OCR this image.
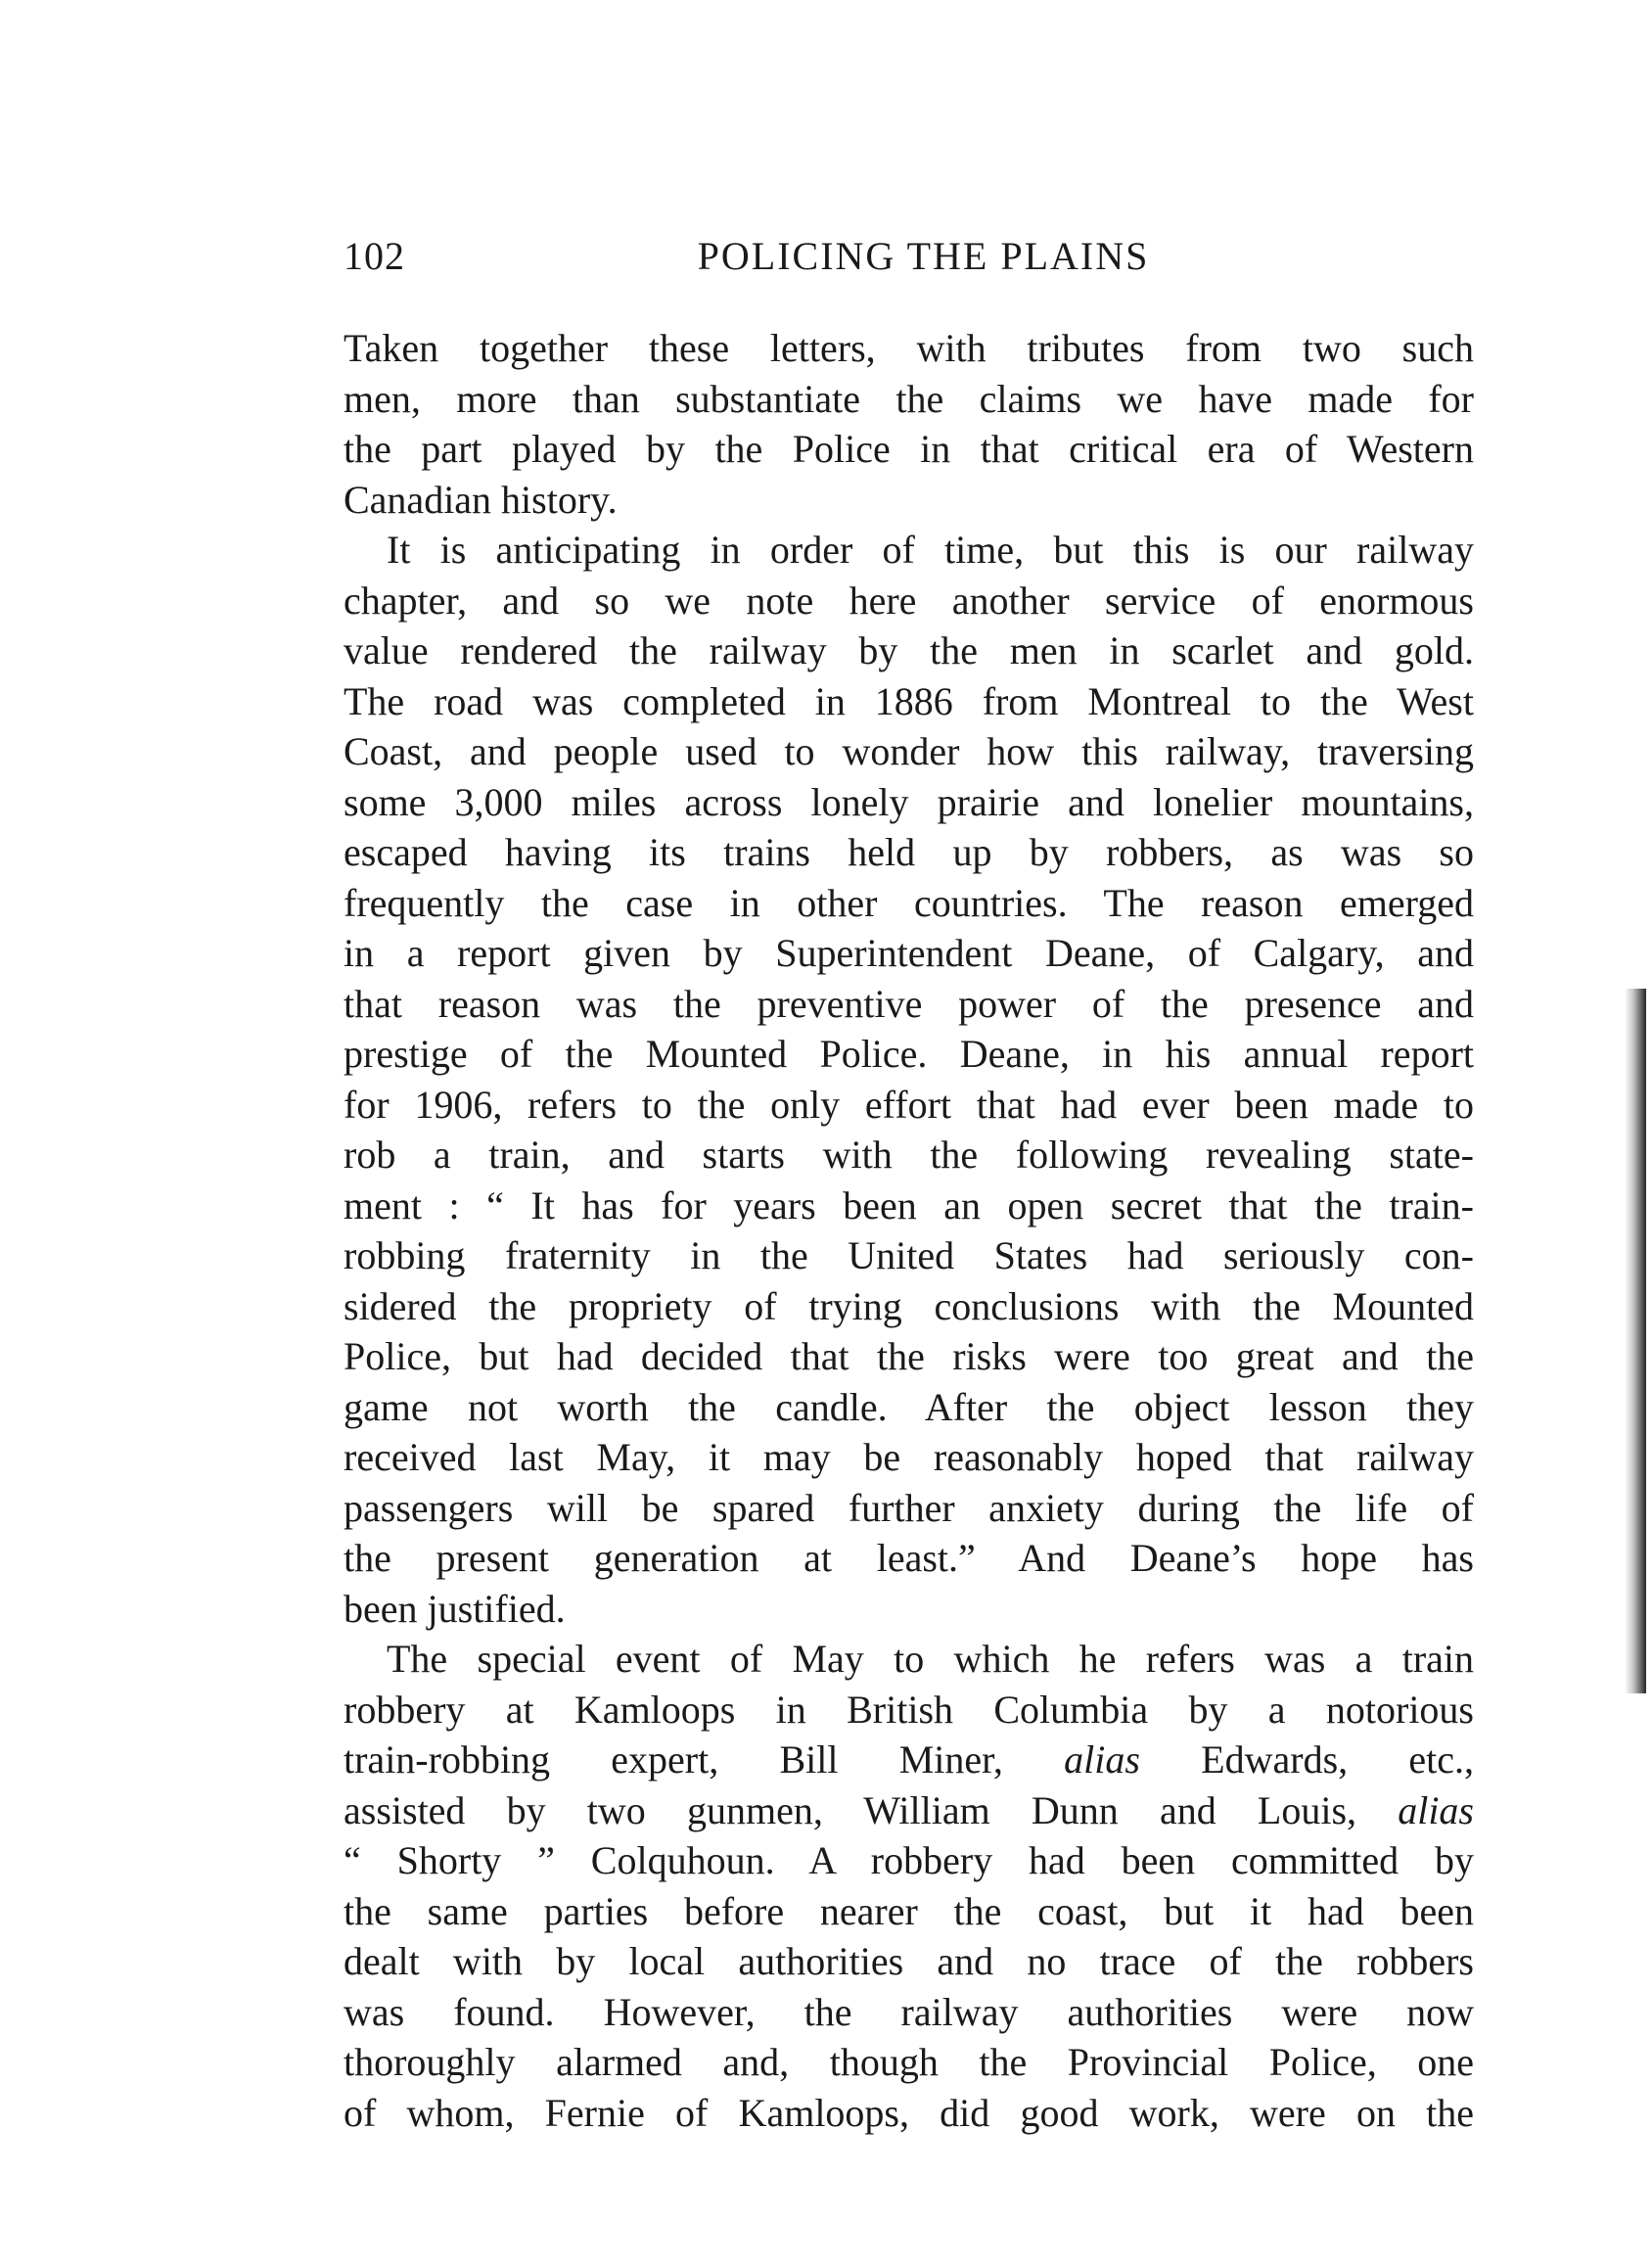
102	POLICING THE PLAINS
Taken together these letters, with tributes from two such
men, more than substantiate the claims we have made for
the part played by the Police in that critical era of Western
Canadian history.
It is anticipating in order of time, but this is our railway
chapter, and so we note here another service of enormous
value rendered the railway by the men in scarlet and gold.
The road was completed in 1886 from Montreal to the West
Coast, and people used to wonder how this railway, traversing
some 3,000 miles across lonely prairie and lonelier mountains,
escaped having its trains held up by robbers, as was so
frequently the case in other countries. The reason emerged
in a report given by Superintendent Deane, of Calgary, and
that reason was the preventive power of the presence and
prestige of the Mounted Police. Deane, in his annual report
for 1906, refers to the only effort that had ever been made to
rob a train, and starts with the following revealing state-
ment : “ It has for years been an open secret that the train-
robbing fraternity in the United States had seriously con-
sidered the propriety of trying conclusions with the Mounted
Police, but had decided that the risks were too great and the
game not worth the candle. After the object lesson they
received last May, it may be reasonably hoped that railway
passengers will be spared further anxiety during the life of
the present generation at least.” And Deane’s hope has
been justified.
The special event of May to which he refers was a train
robbery at Kamloops in British Columbia by a notorious
train-robbing expert, Bill Miner, alias Edwards, etc.,
assisted by two gunmen, William Dunn and Louis, alias
“ Shorty ” Colquhoun. A robbery had been committed by
the same parties before nearer the coast, but it had been
dealt with by local authorities and no trace of the robbers
was found. However, the railway authorities were now
thoroughly alarmed and, though the Provincial Police, one
of whom, Fernie of Kamloops, did good work, were on the
